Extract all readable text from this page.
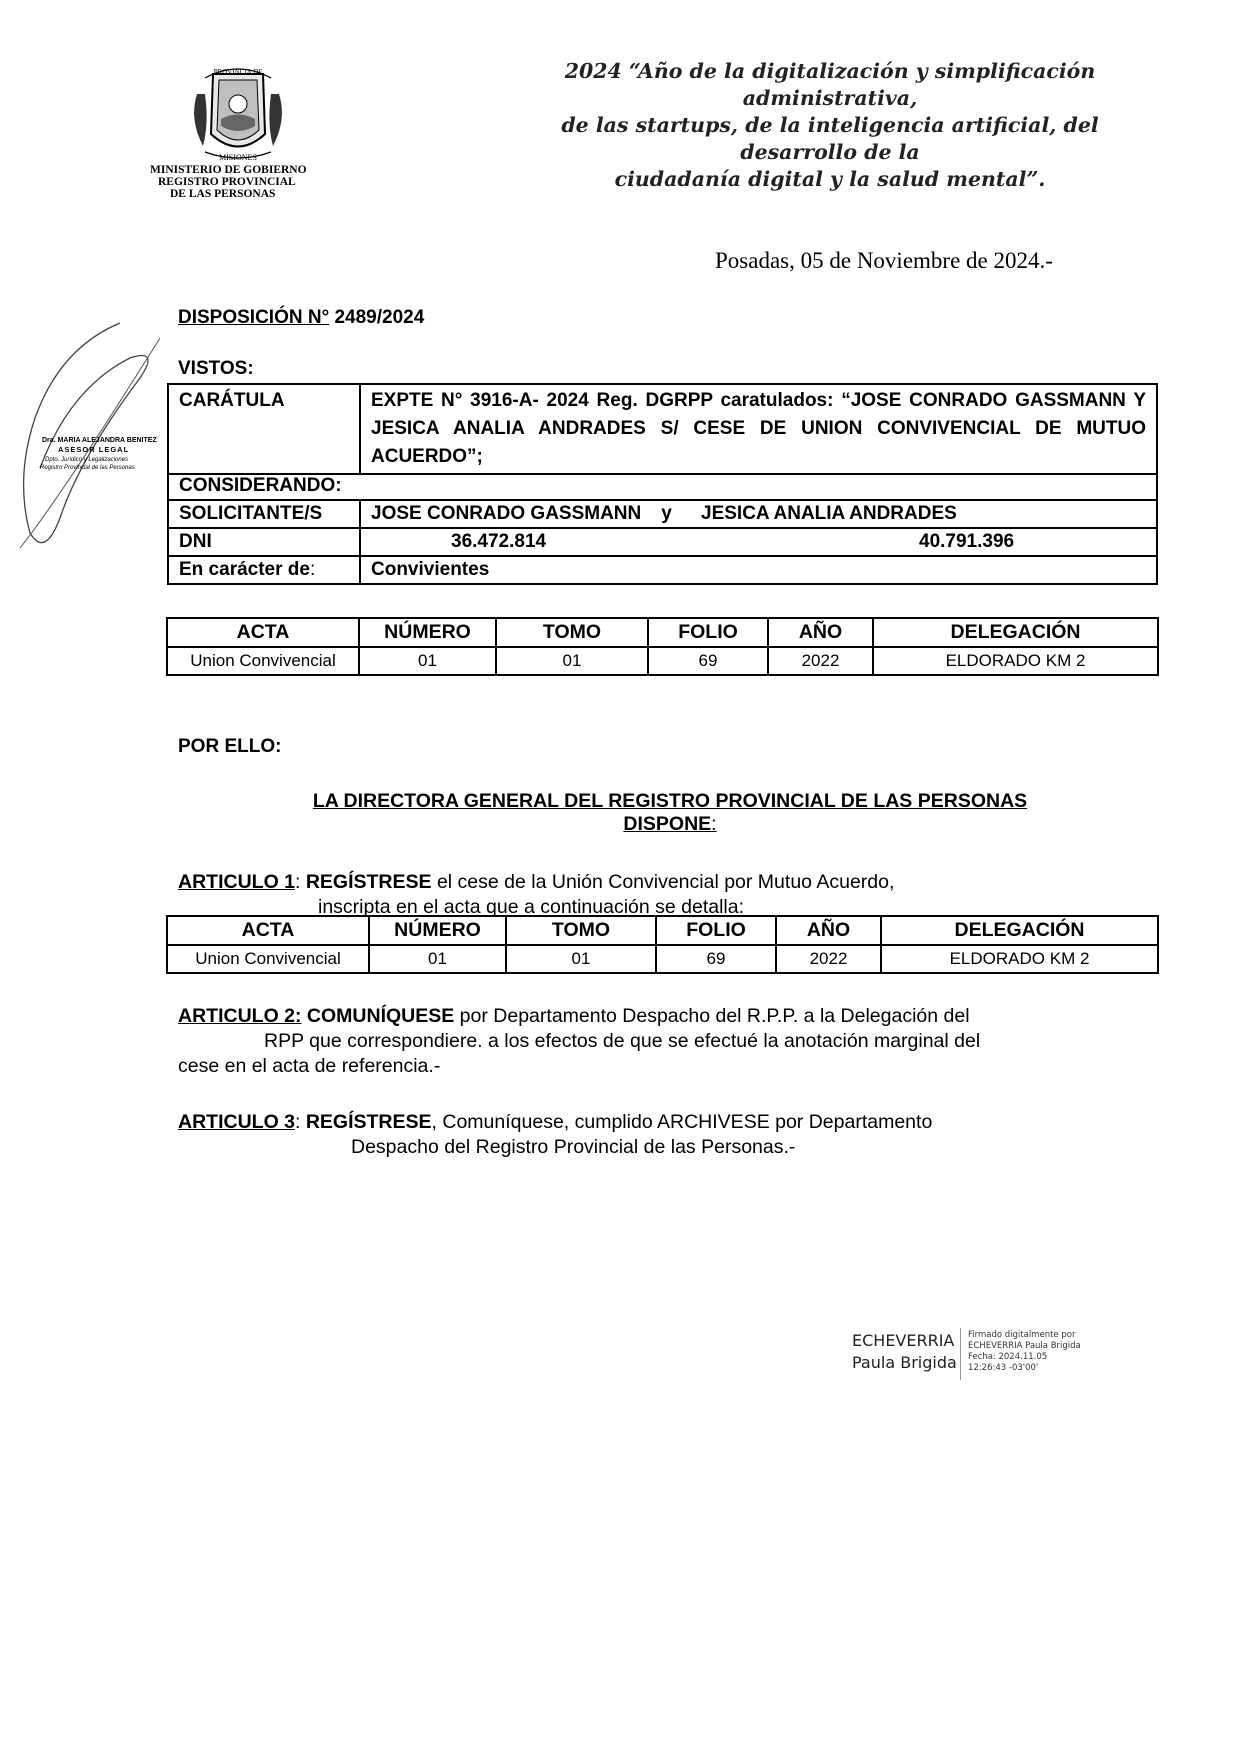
PROVINCIA DE
MISIONES
MINISTERIO DE GOBIERNO
REGISTRO PROVINCIAL
DE LAS PERSONAS
2024 “Año de la digitalización y simplificación administrativa,
de las startups, de la inteligencia artificial, del desarrollo de la
ciudadanía digital y la salud mental”.
Posadas, 05 de Noviembre de 2024.-
DISPOSICIÓN N° 2489/2024
VISTOS:
CARÁTULA	EXPTE N° 3916-A- 2024 Reg. DGRPP caratulados: “JOSE CONRADO GASSMANN Y JESICA ANALIA ANDRADES S/ CESE DE UNION CONVIVENCIAL DE MUTUO ACUERDO”;
CONSIDERANDO:	
SOLICITANTE/S	JOSE CONRADO GASSMANN y JESICA ANALIA ANDRADES
DNI	36.472.814 40.791.396
En carácter de:	Convivientes
ACTA	NÚMERO	TOMO	FOLIO	AÑO	DELEGACIÓN
Union Convivencial	01	01	69	2022	ELDORADO KM 2
POR ELLO:
LA DIRECTORA GENERAL DEL REGISTRO PROVINCIAL DE LAS PERSONAS
DISPONE:
ARTICULO 1: REGÍSTRESE el cese de la Unión Convivencial por Mutuo Acuerdo,
inscripta en el acta que a continuación se detalla:
ACTA	NÚMERO	TOMO	FOLIO	AÑO	DELEGACIÓN
Union Convivencial	01	01	69	2022	ELDORADO KM 2
ARTICULO 2: COMUNÍQUESE por Departamento Despacho del R.P.P. a la Delegación del
RPP que correspondiere. a los efectos de que se efectué la anotación marginal del
cese en el acta de referencia.-
ARTICULO 3: REGÍSTRESE, Comuníquese, cumplido ARCHIVESE por Departamento
Despacho del Registro Provincial de las Personas.-
Dra. MARIA ALEJANDRA BENITEZ
ASESOR LEGAL
Dpto. Jurídico y Legalizaciones
Registro Provincial de las Personas
ECHEVERRIA
Paula Brigida
Firmado digitalmente por
ECHEVERRIA Paula Brigida
Fecha: 2024.11.05
12:26:43 -03'00'
